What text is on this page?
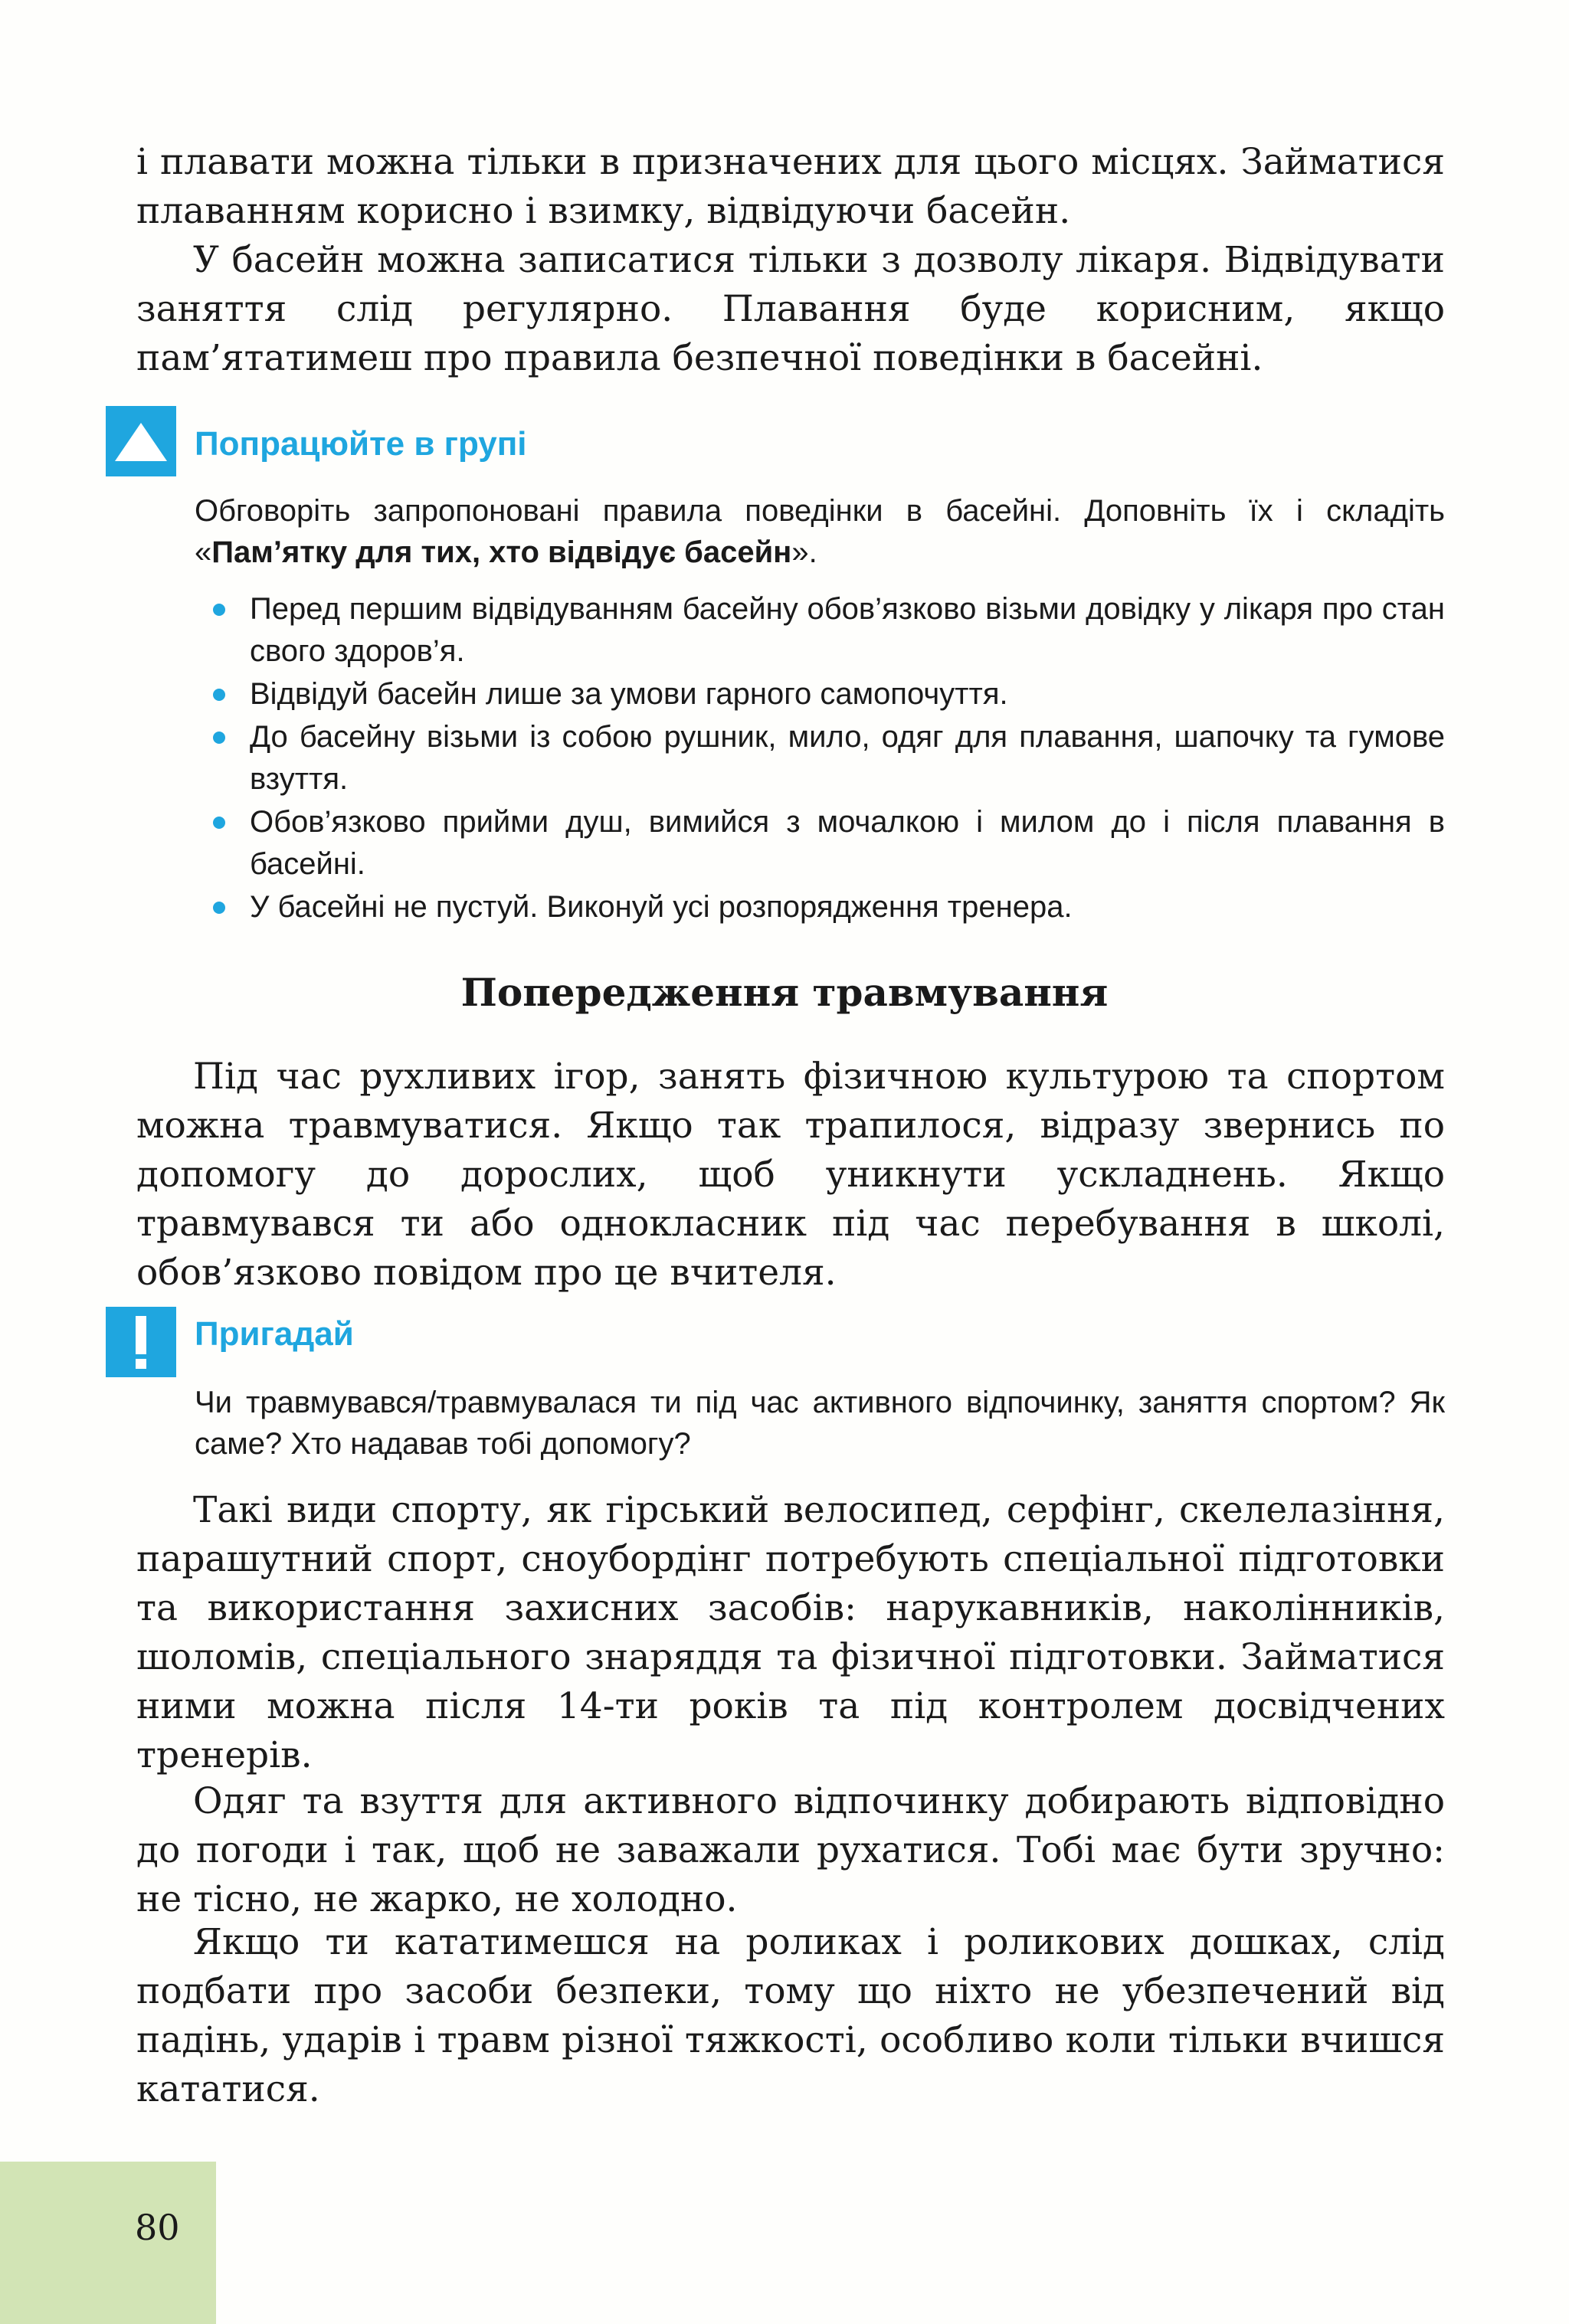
і плавати можна тільки в призначених для цього місцях. Займатися плаванням корисно і взимку, відвідуючи басейн.

У басейн можна записатися тільки з дозволу лікаря. Відвідувати заняття слід регулярно. Плавання буде корисним, якщо пам’ятатимеш про правила безпечної поведінки в басейні.

Попрацюйте в групі

Обговоріть запропоновані правила поведінки в басейні. Доповніть їх і складіть «Пам’ятку для тих, хто відвідує басейн».

Перед першим відвідуванням басейну обов’язково візьми довідку у лікаря про стан свого здоров’я.
Відвідуй басейн лише за умови гарного самопочуття.
До басейну візьми із собою рушник, мило, одяг для плавання, шапочку та гумове взуття.
Обов’язково прийми душ, вимийся з мочалкою і милом до і після плавання в басейні.
У басейні не пустуй. Виконуй усі розпорядження тренера.
Попередження травмування

Під час рухливих ігор, занять фізичною культурою та спортом можна травмуватися. Якщо так трапилося, відразу звернись по допомогу до дорослих, щоб уникнути ускладнень. Якщо травмувався ти або однокласник під час перебування в школі, обов’язково повідом про це вчителя.

Пригадай

Чи травмувався/травмувалася ти під час активного відпочинку, заняття спортом? Як саме? Хто надавав тобі допомогу?

Такі види спорту, як гірський велосипед, серфінг, скелелазіння, парашутний спорт, сноубордінг потребують спеціальної підготовки та використання захисних засобів: нарукавників, наколінників, шоломів, спеціального знаряддя та фізичної підготовки. Займатися ними можна після 14-ти років та під контролем досвідчених тренерів.

Одяг та взуття для активного відпочинку добирають відповідно до погоди і так, щоб не заважали рухатися. Тобі має бути зручно: не тісно, не жарко, не холодно.

Якщо ти кататимешся на роликах і роликових дошках, слід подбати про засоби безпеки, тому що ніхто не убезпечений від падінь, ударів і травм різної тяжкості, особливо коли тільки вчишся кататися.

80
